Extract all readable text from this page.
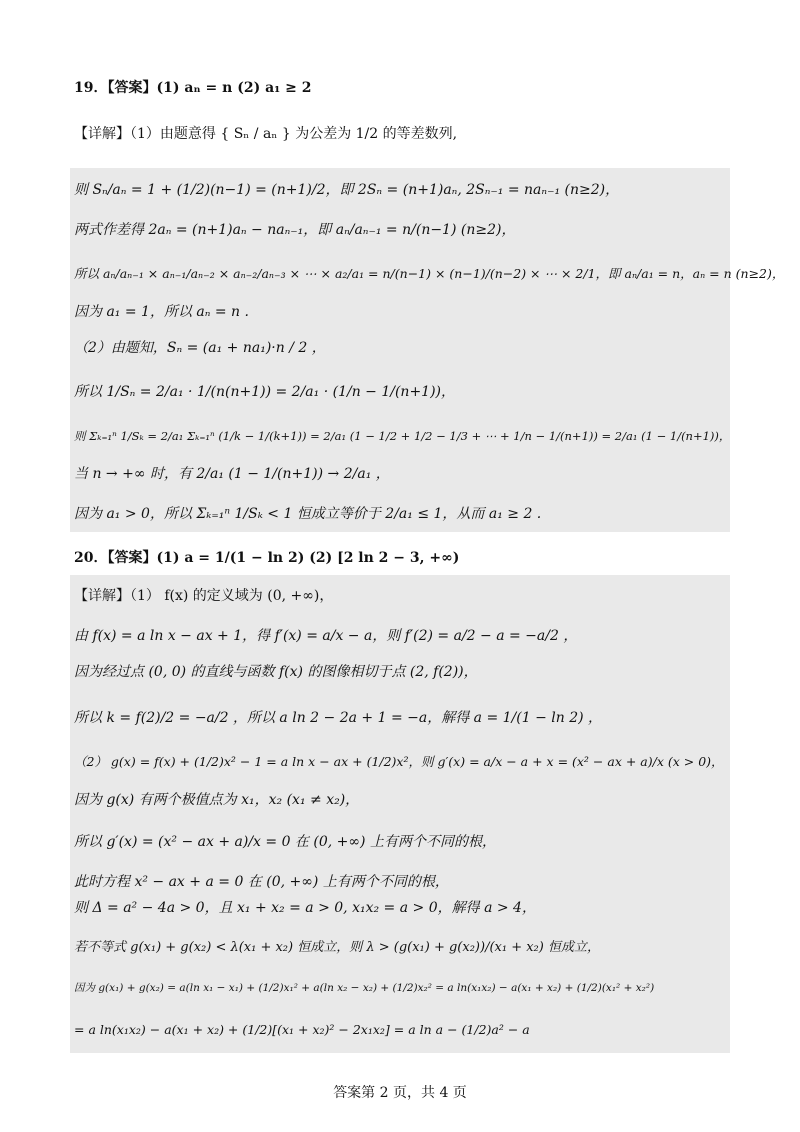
19．【答案】(1) aₙ = n (2) a₁ ≥ 2
【详解】（1）由题意得 { Sₙ / aₙ } 为公差为 1/2 的等差数列,
则 Sₙ/aₙ = 1 + (1/2)(n−1) = (n+1)/2，即 2Sₙ = (n+1)aₙ, 2Sₙ₋₁ = naₙ₋₁ (n≥2)，
两式作差得 2aₙ = (n+1)aₙ − naₙ₋₁，即 aₙ/aₙ₋₁ = n/(n−1) (n≥2)，
所以 aₙ/aₙ₋₁ × aₙ₋₁/aₙ₋₂ × aₙ₋₂/aₙ₋₃ × ⋯ × a₂/a₁ = n/(n−1) × (n−1)/(n−2) × ⋯ × 2/1，即 aₙ/a₁ = n，aₙ = n (n≥2)，
因为 a₁ = 1，所以 aₙ = n .
（2）由题知，Sₙ = (a₁ + na₁)·n / 2 ，
所以 1/Sₙ = 2/a₁ · 1/(n(n+1)) = 2/a₁ · (1/n − 1/(n+1))，
则 Σₖ₌₁ⁿ 1/Sₖ = 2/a₁ Σₖ₌₁ⁿ (1/k − 1/(k+1)) = 2/a₁ (1 − 1/2 + 1/2 − 1/3 + ⋯ + 1/n − 1/(n+1)) = 2/a₁ (1 − 1/(n+1))，
当 n → +∞ 时，有 2/a₁ (1 − 1/(n+1)) → 2/a₁ ，
因为 a₁ > 0，所以 Σₖ₌₁ⁿ 1/Sₖ < 1 恒成立等价于 2/a₁ ≤ 1，从而 a₁ ≥ 2 .
20．【答案】(1) a = 1/(1 − ln 2) (2) [2 ln 2 − 3, +∞)
【详解】（1） f(x) 的定义域为 (0, +∞)，
由 f(x) = a ln x − ax + 1，得 f′(x) = a/x − a，则 f′(2) = a/2 − a = −a/2 ，
因为经过点 (0, 0) 的直线与函数 f(x) 的图像相切于点 (2, f(2))，
所以 k = f(2)/2 = −a/2 ，所以 a ln 2 − 2a + 1 = −a，解得 a = 1/(1 − ln 2) ，
（2） g(x) = f(x) + (1/2)x² − 1 = a ln x − ax + (1/2)x²，则 g′(x) = a/x − a + x = (x² − ax + a)/x (x > 0)，
因为 g(x) 有两个极值点为 x₁，x₂ (x₁ ≠ x₂)，
所以 g′(x) = (x² − ax + a)/x = 0 在 (0, +∞) 上有两个不同的根，
此时方程 x² − ax + a = 0 在 (0, +∞) 上有两个不同的根，
则 Δ = a² − 4a > 0，且 x₁ + x₂ = a > 0, x₁x₂ = a > 0，解得 a > 4，
若不等式 g(x₁) + g(x₂) < λ(x₁ + x₂) 恒成立，则 λ > (g(x₁) + g(x₂))/(x₁ + x₂) 恒成立，
因为 g(x₁) + g(x₂) = a(ln x₁ − x₁) + (1/2)x₁² + a(ln x₂ − x₂) + (1/2)x₂² = a ln(x₁x₂) − a(x₁ + x₂) + (1/2)(x₁² + x₂²)
= a ln(x₁x₂) − a(x₁ + x₂) + (1/2)[(x₁ + x₂)² − 2x₁x₂] = a ln a − (1/2)a² − a
答案第 2 页，共 4 页
